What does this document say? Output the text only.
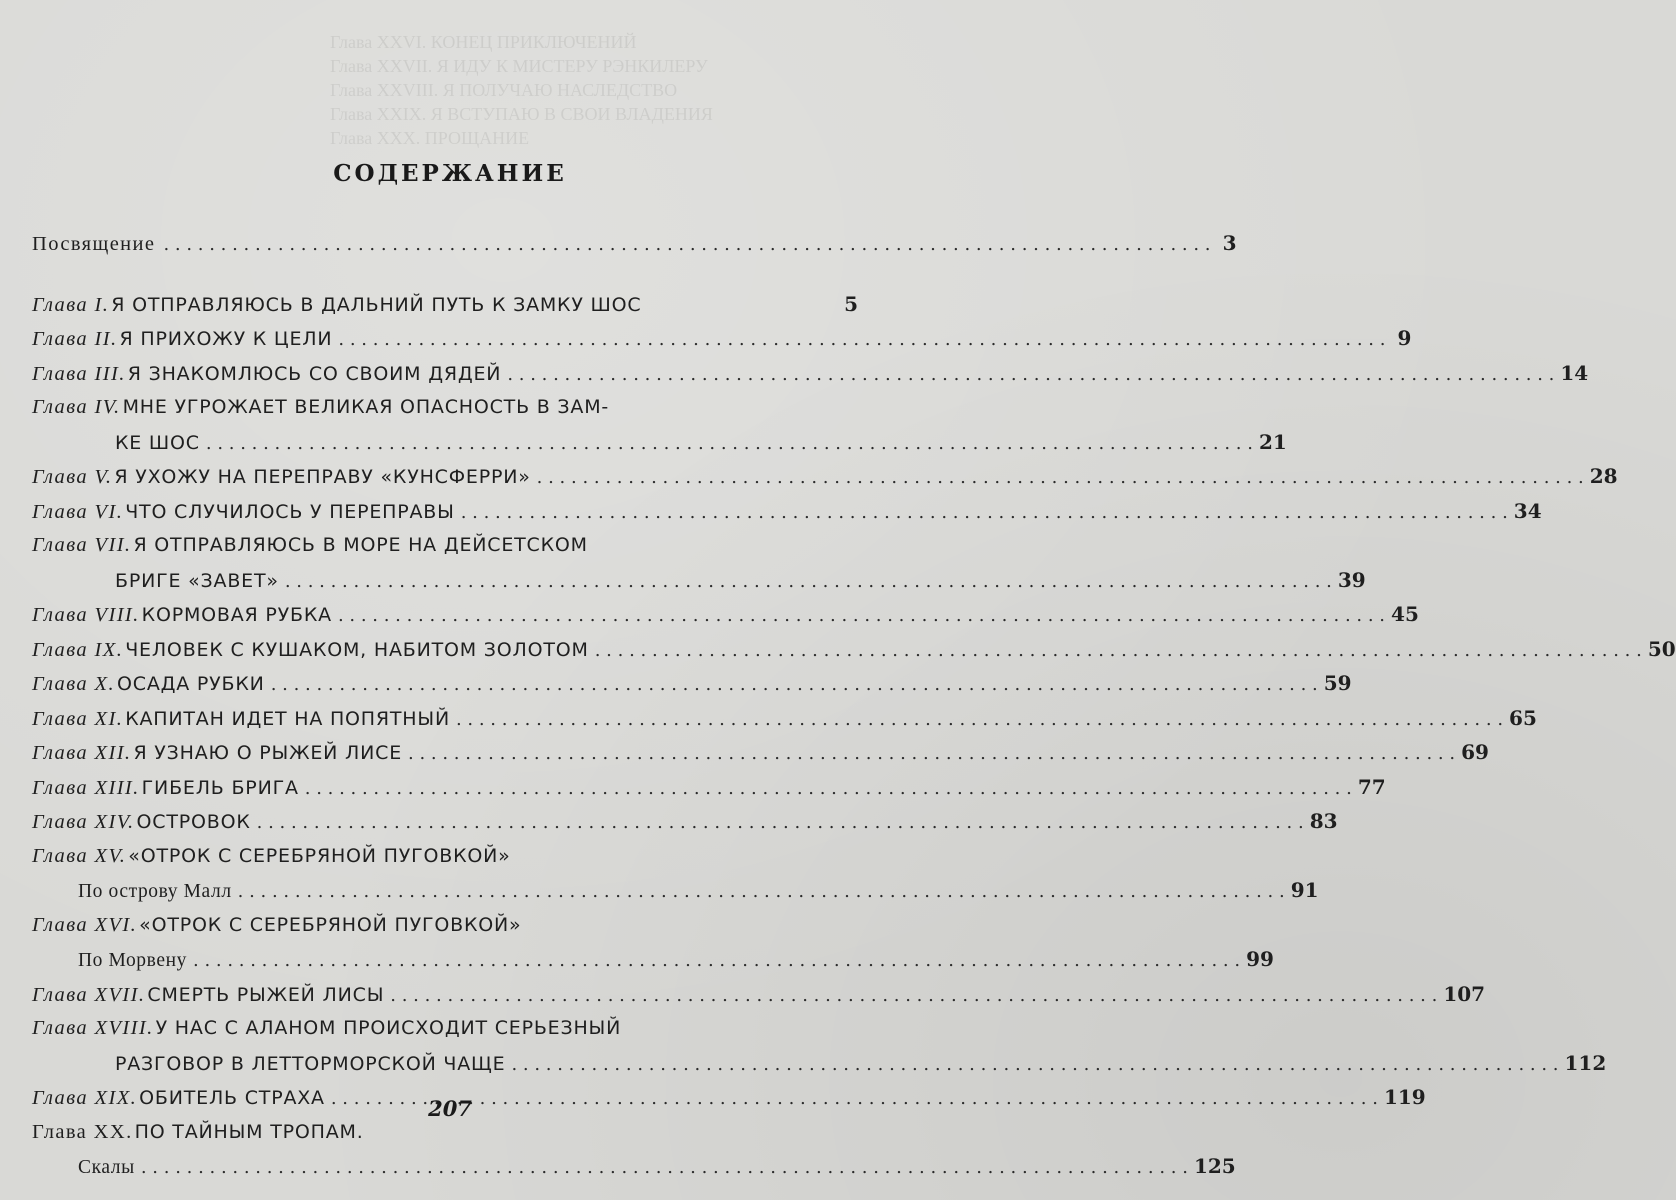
Глава XXVI. КОНЕЦ ПРИКЛЮЧЕНИЙ
Глава XXVII. Я ИДУ К МИСТЕРУ РЭНКИЛЕРУ
Глава XXVIII. Я ПОЛУЧАЮ НАСЛЕДСТВО
Глава XXIX. Я ВСТУПАЮ В СВОИ ВЛАДЕНИЯ
Глава XXX. ПРОЩАНИЕ
СОДЕРЖАНИЕ
Посвящение . . .	3
Глава I. Я ОТПРАВЛЯЮСЬ В ДАЛЬНИЙ ПУТЬ К ЗАМКУ ШОС	5
Глава II. Я ПРИХОЖУ К ЦЕЛИ . . .	9
Глава III. Я ЗНАКОМЛЮСЬ СО СВОИМ ДЯДЕЙ . . .	14
Глава IV. МНЕ УГРОЖАЕТ ВЕЛИКАЯ ОПАСНОСТЬ В ЗАМ-
КЕ ШОС . . .	21
Глава V. Я УХОЖУ НА ПЕРЕПРАВУ «КУНСФЕРРИ» . . .	28
Глава VI. ЧТО СЛУЧИЛОСЬ У ПЕРЕПРАВЫ . . .	34
Глава VII. Я ОТПРАВЛЯЮСЬ В МОРЕ НА ДЕЙСЕТСКОМ
БРИГЕ «ЗАВЕТ» . . .	39
Глава VIII. КОРМОВАЯ РУБКА . . .	45
Глава IX. ЧЕЛОВЕК С КУШАКОМ, НАБИТОМ ЗОЛОТОМ . . .	50
Глава X. ОСАДА РУБКИ . . .	59
Глава XI. КАПИТАН ИДЕТ НА ПОПЯТНЫЙ . . .	65
Глава XII. Я УЗНАЮ О РЫЖЕЙ ЛИСЕ . . .	69
Глава XIII. ГИБЕЛЬ БРИГА . . .	77
Глава XIV. ОСТРОВОК . . .	83
Глава XV. «ОТРОК С СЕРЕБРЯНОЙ ПУГОВКОЙ»
По острову Малл . . .	91
Глава XVI. «ОТРОК С СЕРЕБРЯНОЙ ПУГОВКОЙ»
По Морвену . . .	99
Глава XVII. СМЕРТЬ РЫЖЕЙ ЛИСЫ . . .	107
Глава XVIII. У НАС С АЛАНОМ ПРОИСХОДИТ СЕРЬЕЗНЫЙ
РАЗГОВОР В ЛЕТТОРМОРСКОЙ ЧАЩЕ . . .	112
Глава XIX. ОБИТЕЛЬ СТРАХА . . .	119
Глава XX. ПО ТАЙНЫМ ТРОПАМ.
Скалы . . .	125
207
